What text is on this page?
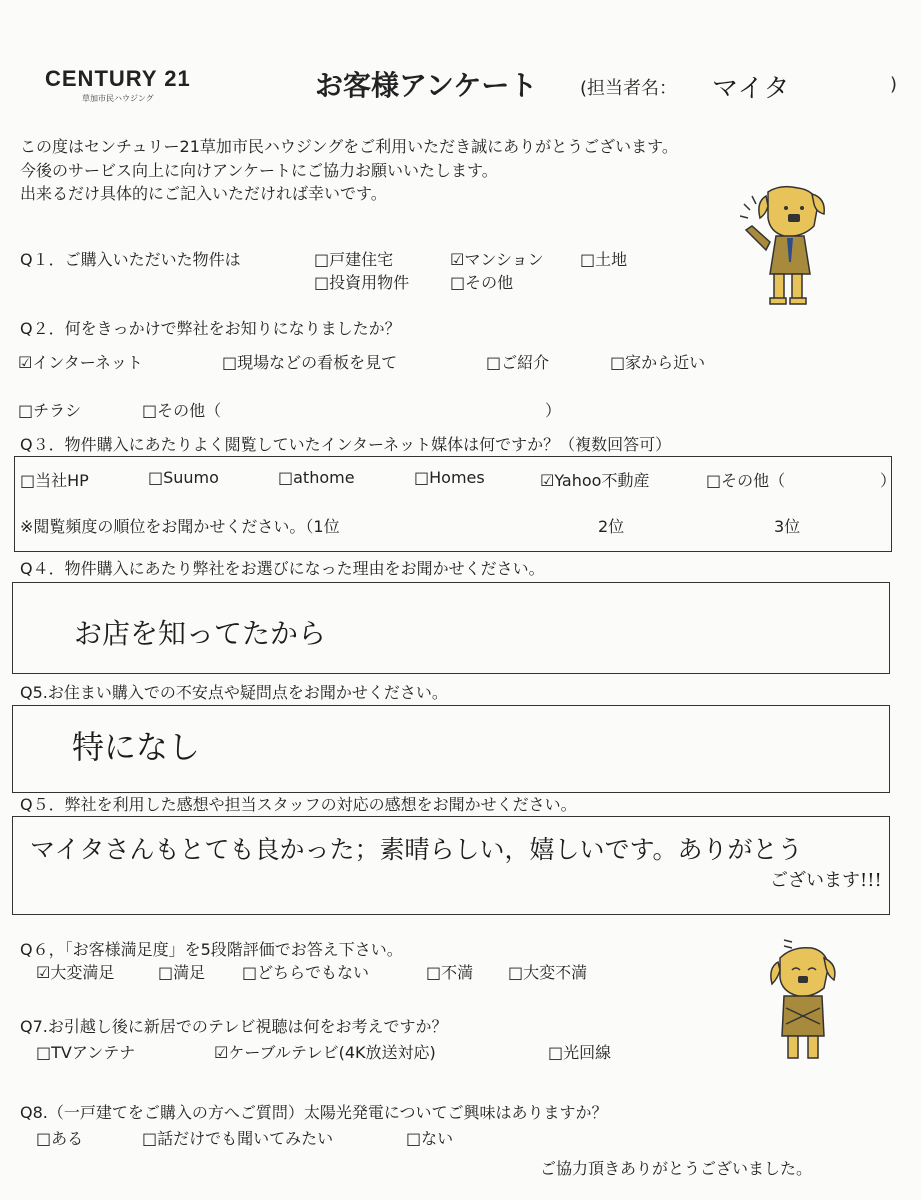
CENTURY 21
草加市民ハウジング	お客様アンケート (担当者名： マイタ	)
この度はセンチュリー21草加市民ハウジングをご利用いただき誠にありがとうございます。
今後のサービス向上に向けアンケートにご協力お願いいたします。
出来るだけ具体的にご記入いただければ幸いです。
Q１．ご購入いただいた物件は	□戸建住宅	☑マンション □土地
□投資用物件	□その他
Q２．何をきっかけで弊社をお知りになりましたか？
☑インターネット	□現場などの看板を見て	□ご紹介	□家から近い
□チラシ	□その他（	）
Q３．物件購入にあたりよく閲覧していたインターネット媒体は何ですか？（複数回答可）
□当社HP	□Suumo	□athome	□Homes	☑Yahoo不動産	□その他（	）
※閲覧頻度の順位をお聞かせください。（1位	2位	3位
Q４．物件購入にあたり弊社をお選びになった理由をお聞かせください。
お店を知ってたから
Q5.お住まい購入での不安点や疑問点をお聞かせください。
特になし
Q５．弊社を利用した感想や担当スタッフの対応の感想をお聞かせください。
マイタさんもとても良かった；素晴らしい，嬉しいです。ありがとう
ございます!!!
Q６，「お客様満足度」を5段階評価でお答え下さい。
☑大変満足	□満足 □どちらでもない	□不満 □大変不満
Q7.お引越し後に新居でのテレビ視聴は何をお考えですか？
□TVアンテナ	☑ケーブルテレビ(4K放送対応)	□光回線
Q8.（一戸建てをご購入の方へご質問）太陽光発電についてご興味はありますか？
□ある	□話だけでも聞いてみたい	□ない
ご協力頂きありがとうございました。
